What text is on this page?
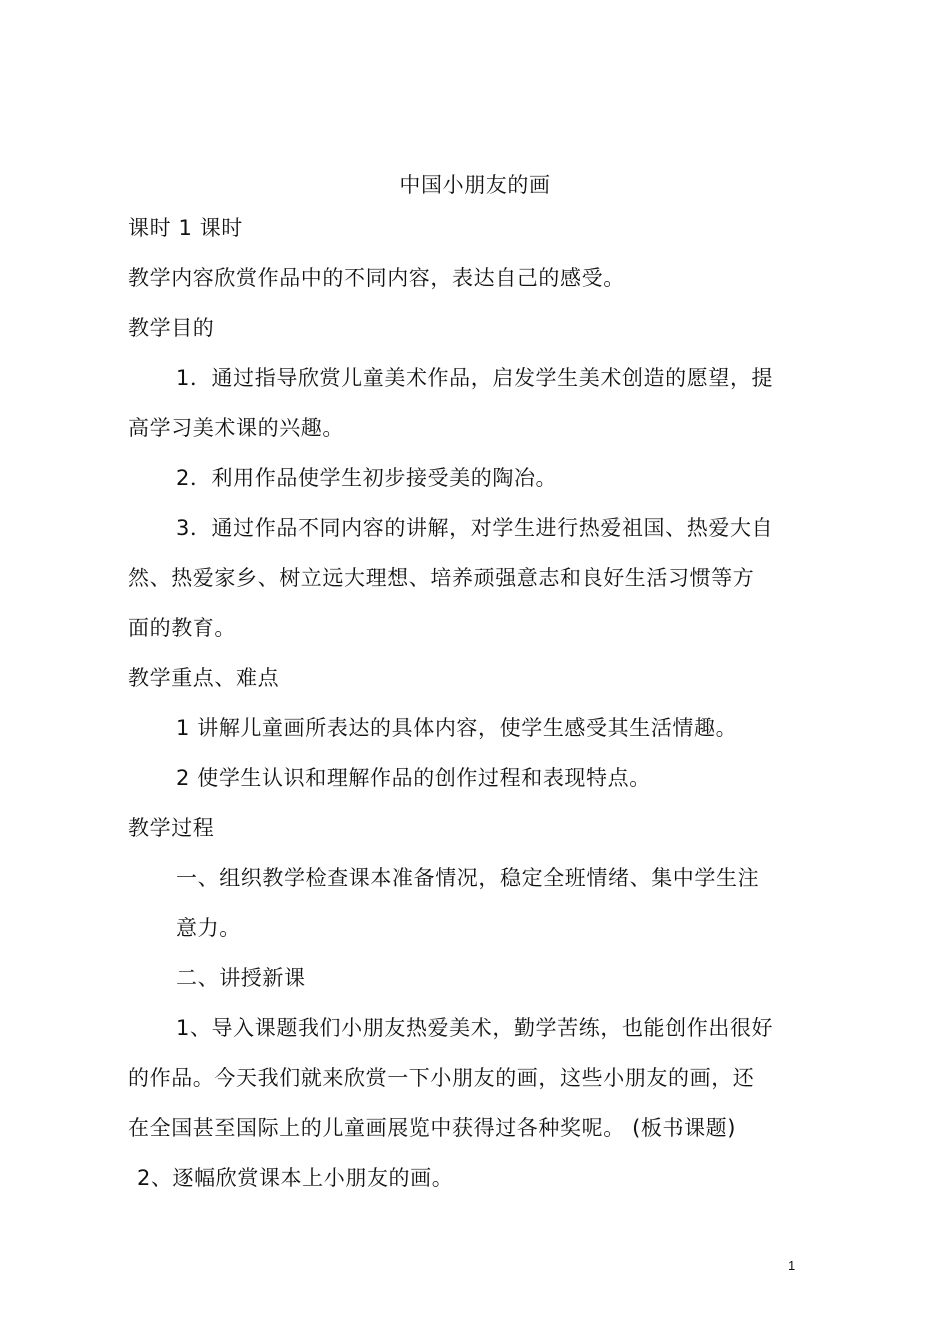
中国小朋友的画
课时 1 课时
教学内容欣赏作品中的不同内容，表达自己的感受。
教学目的
1．通过指导欣赏儿童美术作品，启发学生美术创造的愿望，提
高学习美术课的兴趣。
2．利用作品使学生初步接受美的陶冶。
3．通过作品不同内容的讲解，对学生进行热爱祖国、热爱大自
然、热爱家乡、树立远大理想、培养顽强意志和良好生活习惯等方
面的教育。
教学重点、难点
1 讲解儿童画所表达的具体内容，使学生感受其生活情趣。
2 使学生认识和理解作品的创作过程和表现特点。
教学过程
一、组织教学检查课本准备情况，稳定全班情绪、集中学生注
意力。
二、讲授新课
1、导入课题我们小朋友热爱美术，勤学苦练，也能创作出很好
的作品。今天我们就来欣赏一下小朋友的画，这些小朋友的画，还
在全国甚至国际上的儿童画展览中获得过各种奖呢。 (板书课题)
2、逐幅欣赏课本上小朋友的画。
1
